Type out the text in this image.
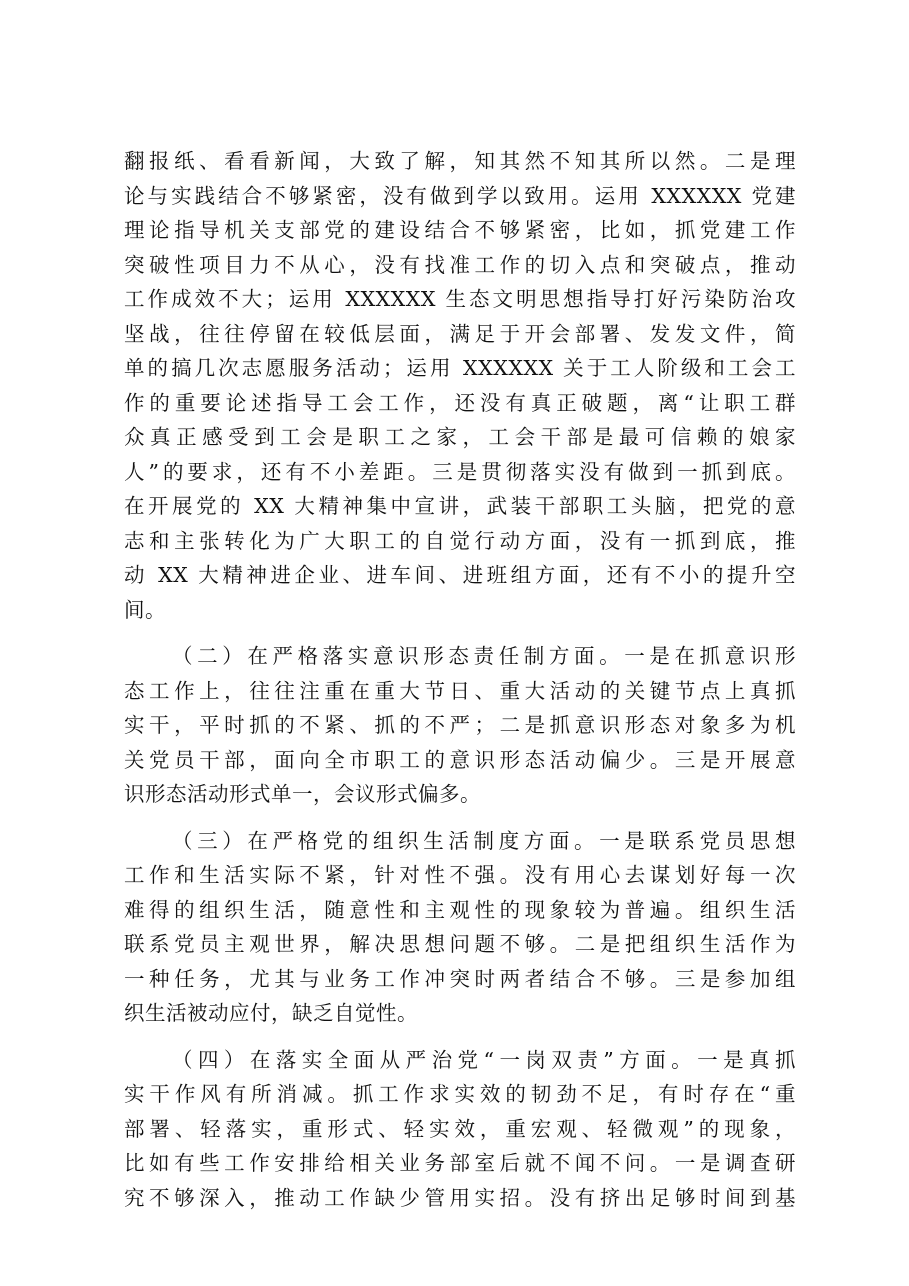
翻报纸、看看新闻，大致了解，知其然不知其所以然。二是理
论与实践结合不够紧密，没有做到学以致用。运用 XXXXXX 党建
理论指导机关支部党的建设结合不够紧密，比如，抓党建工作
突破性项目力不从心，没有找准工作的切入点和突破点，推动
工作成效不大；运用 XXXXXX 生态文明思想指导打好污染防治攻
坚战，往往停留在较低层面，满足于开会部署、发发文件，简
单的搞几次志愿服务活动；运用 XXXXXX 关于工人阶级和工会工
作的重要论述指导工会工作，还没有真正破题，离“让职工群
众真正感受到工会是职工之家，工会干部是最可信赖的娘家
人”的要求，还有不小差距。三是贯彻落实没有做到一抓到底。
在开展党的 XX 大精神集中宣讲，武装干部职工头脑，把党的意
志和主张转化为广大职工的自觉行动方面，没有一抓到底，推
动 XX 大精神进企业、进车间、进班组方面，还有不小的提升空
间。
（二）在严格落实意识形态责任制方面。一是在抓意识形
态工作上，往往注重在重大节日、重大活动的关键节点上真抓
实干，平时抓的不紧、抓的不严；二是抓意识形态对象多为机
关党员干部，面向全市职工的意识形态活动偏少。三是开展意
识形态活动形式单一，会议形式偏多。
（三）在严格党的组织生活制度方面。一是联系党员思想
工作和生活实际不紧，针对性不强。没有用心去谋划好每一次
难得的组织生活，随意性和主观性的现象较为普遍。组织生活
联系党员主观世界，解决思想问题不够。二是把组织生活作为
一种任务，尤其与业务工作冲突时两者结合不够。三是参加组
织生活被动应付，缺乏自觉性。
（四）在落实全面从严治党“一岗双责”方面。一是真抓
实干作风有所消减。抓工作求实效的韧劲不足，有时存在“重
部署、轻落实，重形式、轻实效，重宏观、轻微观”的现象，
比如有些工作安排给相关业务部室后就不闻不问。一是调查研
究不够深入，推动工作缺少管用实招。没有挤出足够时间到基
